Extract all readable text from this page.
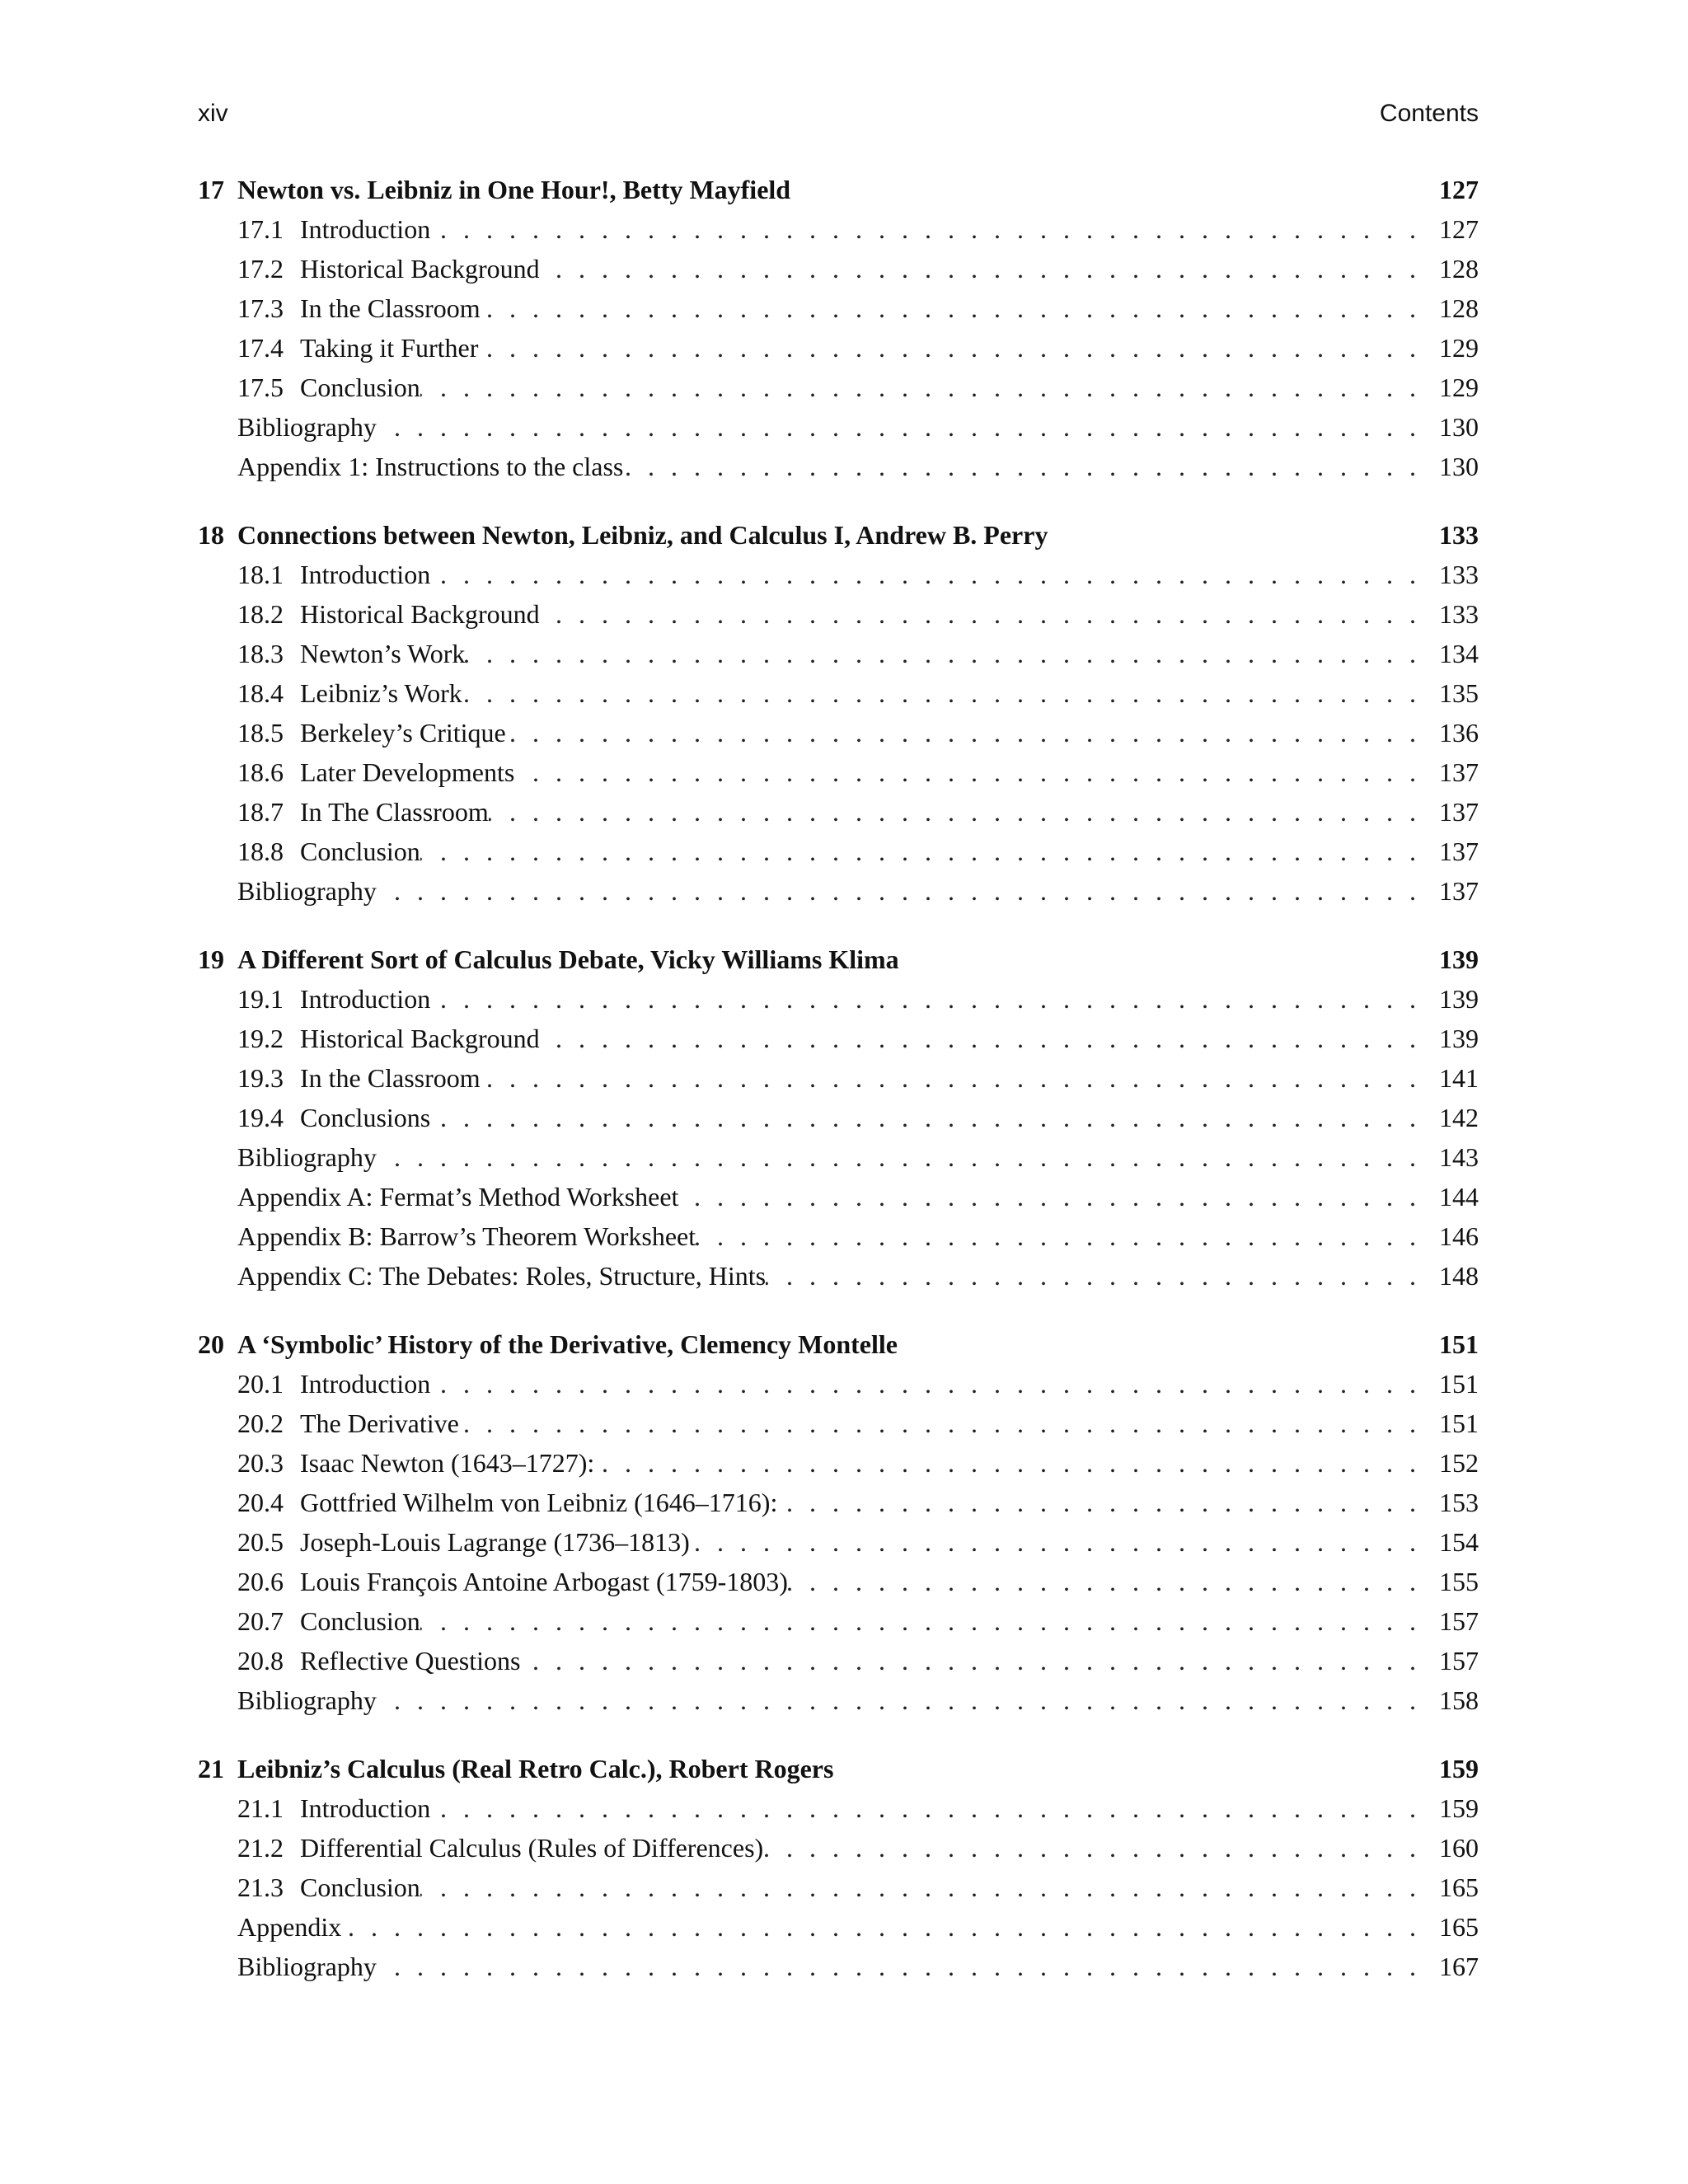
xiv	Contents
17 Newton vs. Leibniz in One Hour!, Betty Mayfield	127
17.1 Introduction . . .	127
17.2 Historical Background . . .	128
17.3 In the Classroom . . .	128
17.4 Taking it Further . . .	129
17.5 Conclusion . . .	129
Bibliography . . .	130
Appendix 1: Instructions to the class . . .	130
18 Connections between Newton, Leibniz, and Calculus I, Andrew B. Perry	133
18.1 Introduction . . .	133
18.2 Historical Background . . .	133
18.3 Newton’s Work . . .	134
18.4 Leibniz’s Work . . .	135
18.5 Berkeley’s Critique . . .	136
18.6 Later Developments . . .	137
18.7 In The Classroom . . .	137
18.8 Conclusion . . .	137
Bibliography . . .	137
19 A Different Sort of Calculus Debate, Vicky Williams Klima	139
19.1 Introduction . . .	139
19.2 Historical Background . . .	139
19.3 In the Classroom . . .	141
19.4 Conclusions . . .	142
Bibliography . . .	143
Appendix A: Fermat’s Method Worksheet . . .	144
Appendix B: Barrow’s Theorem Worksheet . . .	146
Appendix C: The Debates: Roles, Structure, Hints . . .	148
20 A ‘Symbolic’ History of the Derivative, Clemency Montelle	151
20.1 Introduction . . .	151
20.2 The Derivative . . .	151
20.3 Isaac Newton (1643–1727): . . .	152
20.4 Gottfried Wilhelm von Leibniz (1646–1716): . . .	153
20.5 Joseph-Louis Lagrange (1736–1813) . . .	154
20.6 Louis François Antoine Arbogast (1759-1803) . . .	155
20.7 Conclusion . . .	157
20.8 Reflective Questions . . .	157
Bibliography . . .	158
21 Leibniz’s Calculus (Real Retro Calc.), Robert Rogers	159
21.1 Introduction . . .	159
21.2 Differential Calculus (Rules of Differences) . . .	160
21.3 Conclusion . . .	165
Appendix . . .	165
Bibliography . . .	167
